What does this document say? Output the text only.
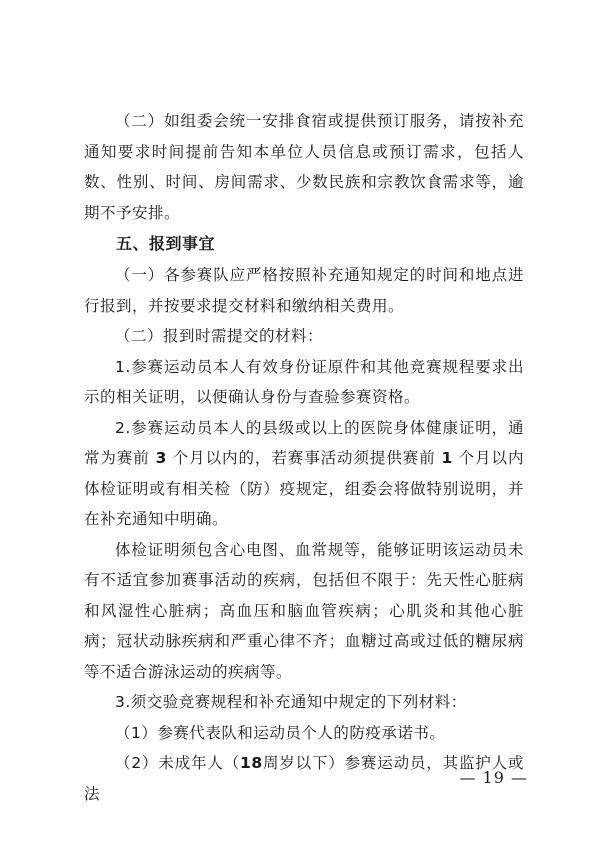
（二）如组委会统一安排食宿或提供预订服务，请按补充通知要求时间提前告知本单位人员信息或预订需求，包括人数、性别、时间、房间需求、少数民族和宗教饮食需求等，逾期不予安排。

五、报到事宜

（一）各参赛队应严格按照补充通知规定的时间和地点进行报到，并按要求提交材料和缴纳相关费用。

（二）报到时需提交的材料：

1.参赛运动员本人有效身份证原件和其他竞赛规程要求出示的相关证明，以便确认身份与查验参赛资格。

2.参赛运动员本人的县级或以上的医院身体健康证明，通常为赛前 3 个月以内的，若赛事活动须提供赛前 1 个月以内体检证明或有相关检（防）疫规定，组委会将做特别说明，并在补充通知中明确。

体检证明须包含心电图、血常规等，能够证明该运动员未有不适宜参加赛事活动的疾病，包括但不限于：先天性心脏病和风湿性心脏病；高血压和脑血管疾病；心肌炎和其他心脏病；冠状动脉疾病和严重心律不齐；血糖过高或过低的糖尿病等不适合游泳运动的疾病等。

3.须交验竞赛规程和补充通知中规定的下列材料：

（1）参赛代表队和运动员个人的防疫承诺书。

（2）未成年人（18周岁以下）参赛运动员，其监护人或法

— 19 —
